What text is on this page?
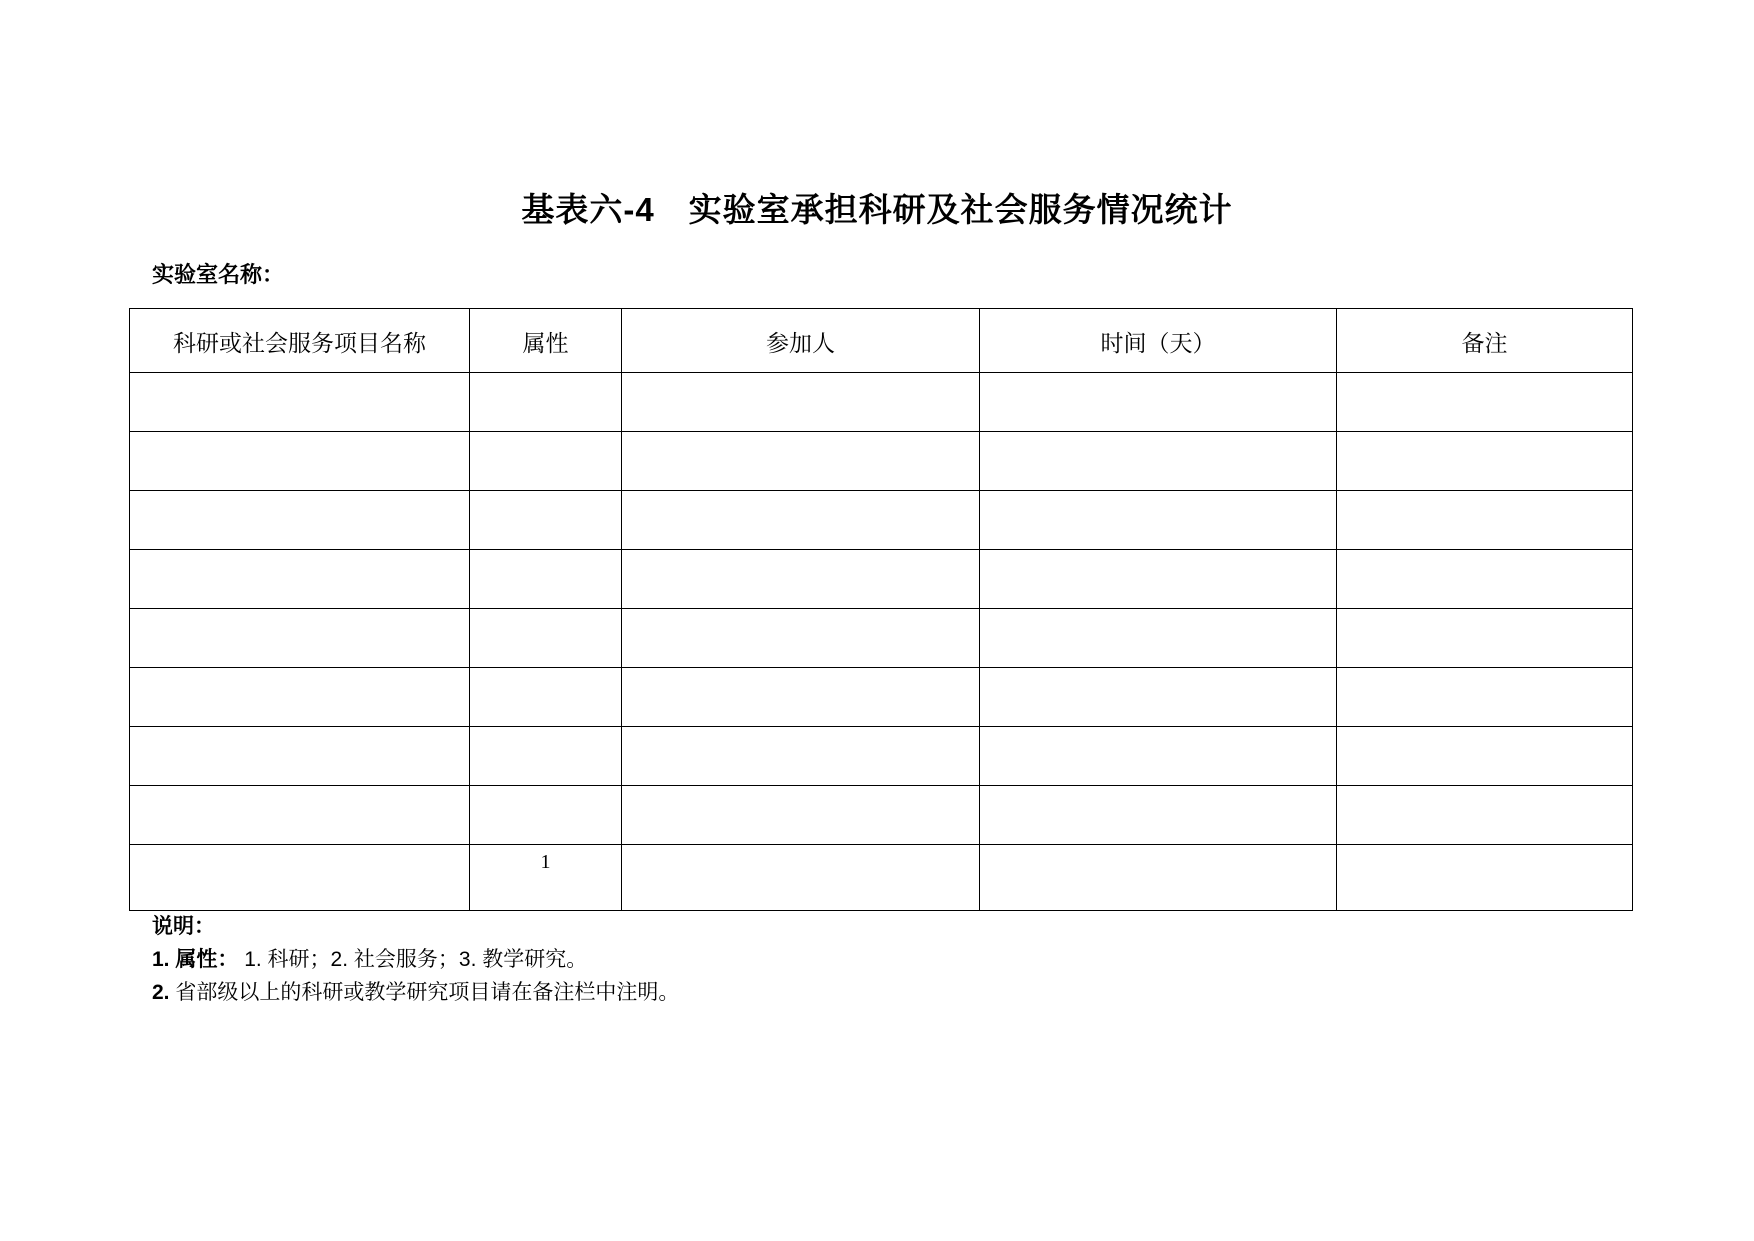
基表六-4　实验室承担科研及社会服务情况统计
实验室名称：
科研或社会服务项目名称	属性	参加人	时间（天）	备注

	1			
说明：
1. 属性： 1. 科研；2. 社会服务；3. 教学研究。
2. 省部级以上的科研或教学研究项目请在备注栏中注明。
